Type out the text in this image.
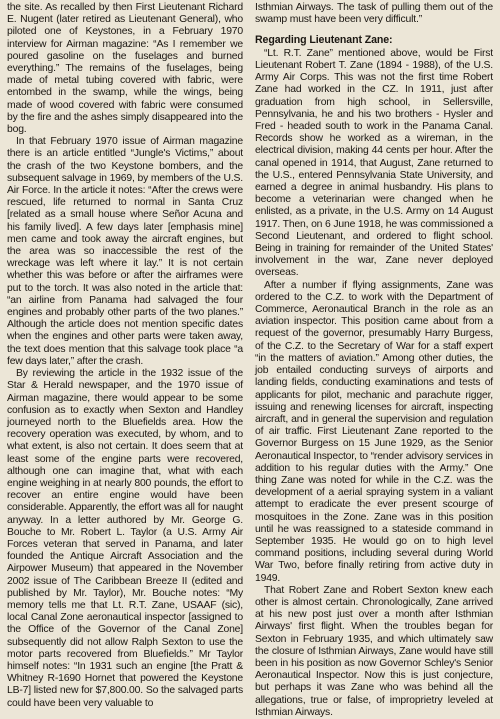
the site. As recalled by then First Lieutenant Richard E. Nugent (later retired as Lieutenant General), who piloted one of Keystones, in a February 1970 interview for Airman magazine: “As I remember we poured gasoline on the fuselages and burned everything.” The remains of the fuselages, being made of metal tubing covered with fabric, were entombed in the swamp, while the wings, being made of wood covered with fabric were consumed by the fire and the ashes simply disappeared into the bog.

In that February 1970 issue of Airman magazine there is an article entitled “Jungle's Victims,” about the crash of the two Keystone bombers, and the subsequent salvage in 1969, by members of the U.S. Air Force. In the article it notes: “After the crews were rescued, life returned to normal in Santa Cruz [related as a small house where Señor Acuna and his family lived]. A few days later [emphasis mine] men came and took away the aircraft engines, but the area was so inaccessible the rest of the wreckage was left where it lay.” It is not certain whether this was before or after the airframes were put to the torch. It was also noted in the article that: “an airline from Panama had salvaged the four engines and probably other parts of the two planes.” Although the article does not mention specific dates when the engines and other parts were taken away, the text does mention that this salvage took place “a few days later,” after the crash.

By reviewing the article in the 1932 issue of the Star & Herald newspaper, and the 1970 issue of Airman magazine, there would appear to be some confusion as to exactly when Sexton and Handley journeyed north to the Bluefields area. How the recovery operation was executed, by whom, and to what extent, is also not certain. It does seem that at least some of the engine parts were recovered, although one can imagine that, what with each engine weighing in at nearly 800 pounds, the effort to recover an entire engine would have been considerable. Apparently, the effort was all for naught anyway. In a letter authored by Mr. George G. Bouche to Mr. Robert L. Taylor (a U.S. Army Air Forces veteran that served in Panama, and later founded the Antique Aircraft Association and the Airpower Museum) that appeared in the November 2002 issue of The Caribbean Breeze II (edited and published by Mr. Taylor), Mr. Bouche notes: “My memory tells me that Lt. R.T. Zane, USAAF (sic), local Canal Zone aeronautical inspector [assigned to the Office of the Governor of the Canal Zone] subsequently did not allow Ralph Sexton to use the motor parts recovered from Bluefields.” Mr Taylor himself notes: “In 1931 such an engine [the Pratt & Whitney R-1690 Hornet that powered the Keystone LB-7] listed new for $7,800.00. So the salvaged parts could have been very valuable to

Isthmian Airways. The task of pulling them out of the swamp must have been very difficult.”

Regarding Lieutenant Zane:

“Lt. R.T. Zane” mentioned above, would be First Lieutenant Robert T. Zane (1894 - 1988), of the U.S. Army Air Corps. This was not the first time Robert Zane had worked in the CZ. In 1911, just after graduation from high school, in Sellersville, Pennsylvania, he and his two brothers - Hysler and Fred - headed south to work in the Panama Canal. Records show he worked as a wireman, in the electrical division, making 44 cents per hour. After the canal opened in 1914, that August, Zane returned to the U.S., entered Pennsylvania State University, and earned a degree in animal husbandry. His plans to become a veterinarian were changed when he enlisted, as a private, in the U.S. Army on 14 August 1917. Then, on 6 June 1918, he was commissioned a Second Lieutenant, and ordered to flight school. Being in training for remainder of the United States' involvement in the war, Zane never deployed overseas.

After a number if flying assignments, Zane was ordered to the C.Z. to work with the Department of Commerce, Aeronautical Branch in the role as an aviation inspector. This position came about from a request of the governor, presumably Harry Burgess, of the C.Z. to the Secretary of War for a staff expert “in the matters of aviation.” Among other duties, the job entailed conducting surveys of airports and landing fields, conducting examinations and tests of applicants for pilot, mechanic and parachute rigger, issuing and renewing licenses for aircraft, inspecting aircraft, and in general the supervision and regulation of air traffic. First Lieutenant Zane reported to the Governor Burgess on 15 June 1929, as the Senior Aeronautical Inspector, to “render advisory services in addition to his regular duties with the Army.” One thing Zane was noted for while in the C.Z. was the development of a aerial spraying system in a valiant attempt to eradicate the ever present scourge of mosquitoes in the Zone. Zane was in this position until he was reassigned to a stateside command in September 1935. He would go on to high level command positions, including several during World War Two, before finally retiring from active duty in 1949.

That Robert Zane and Robert Sexton knew each other is almost certain. Chronologically, Zane arrived at his new post just over a month after Isthmian Airways' first flight. When the troubles began for Sexton in February 1935, and which ultimately saw the closure of Isthmian Airways, Zane would have still been in his position as now Governor Schley's Senior Aeronautical Inspector. Now this is just conjecture, but perhaps it was Zane who was behind all the allegations, true or false, of improprietry leveled at Isthmian Airways.
